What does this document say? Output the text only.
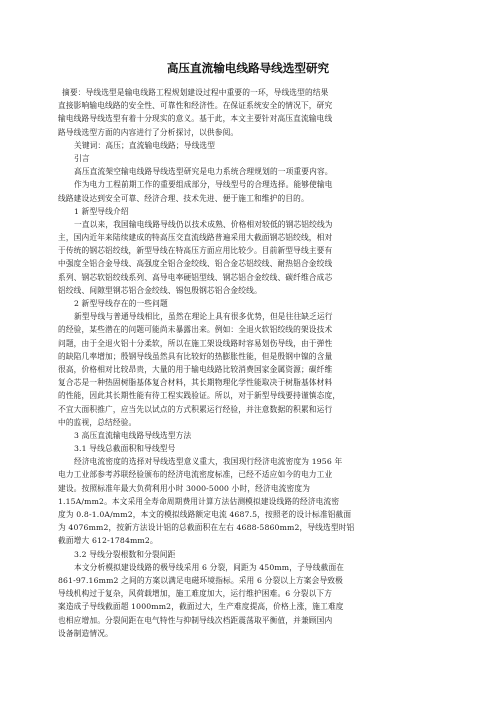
高压直流输电线路导线选型研究
摘要：导线选型是输电线路工程规划建设过程中重要的一环，导线选型的结果
直接影响输电线路的安全性、可靠性和经济性。在保证系统安全的情况下，研究
输电线路导线选型有着十分现实的意义。基于此，本文主要针对高压直流输电线
路导线选型方面的内容进行了分析探讨，以供参阅。
关键词：高压；直流输电线路；导线选型
引言
高压直流架空输电线路导线选型研究是电力系统合理规划的一项重要内容。
作为电力工程前期工作的重要组成部分，导线型号的合理选择。能够使输电
线路建设达到安全可靠、经济合理、技术先进、便于施工和维护的目的。
1 新型导线介绍
一直以来，我国输电线路导线仍以技术成熟、价格相对较低的钢芯铝绞线为
主，国内近年来陆续建成的特高压交直流线路普遍采用大截面钢芯铝绞线，相对
于传统的钢芯铝绞线，新型导线在特高压方面应用比较少。目前新型导线主要有
中强度全铝合金导线、高强度全铝合金绞线、铝合金芯铝绞线、耐热铝合金绞线
系列、钢芯软铝绞线系列、高导电率硬铝型线、钢芯铝合金绞线、碳纤维合成芯
铝绞线、间隙型钢芯铝合金绞线、锡包殷钢芯铝合金绞线。
2 新型导线存在的一些问题
新型导线与普通导线相比，虽然在理论上具有很多优势，但是往往缺乏运行
的经验，某些潜在的问题可能尚未暴露出来。例如：全退火软铝绞线的架设技术
问题，由于全退火铝十分柔软，所以在施工架设线路时容易划伤导线，由于弹性
的缺陷几率增加；殷钢导线虽然具有比较好的热膨胀性能，但是殷钢中镍的含量
很高，价格相对比较昂贵，大量的用于输电线路比较消费国家金属资源；碳纤维
复合芯是一种热固树脂基体复合材料，其长期物理化学性能取决于树脂基体材料
的性能，因此其长期性能有待工程实践验证。所以，对于新型导线要持谨慎态度，
不宜大面积推广，应当先以试点的方式积累运行经验，并注意数据的积累和运行
中的监视，总结经验。
3 高压直流输电线路导线选型方法
3.1 导线总截面积和导线型号
经济电流密度的选择对导线选型意义重大，我国现行经济电流密度为 1956 年
电力工业部参考苏联经验颁布的经济电流密度标准，已经不适应如今的电力工业
建设。按照标准年最大负荷利用小时 3000-5000 小时，经济电流密度为
1.15A/mm2。本文采用全寿命周期费用计算方法估测模拟建设线路的经济电流密
度为 0.8-1.0A/mm2，本文的模拟线路额定电流 4687.5，按照老的设计标准铝截面
为 4076mm2，按新方法设计铝的总截面积在左右 4688-5860mm2，导线选型时铝
截面增大 612-1784mm2。
3.2 导线分裂根数和分裂间距
本文分析模拟建设线路的极导线采用 6 分裂，间距为 450mm，子导线截面在
861-97.16mm2 之间的方案以满足电磁环境指标。采用 6 分裂以上方案会导致极
导线机构过于复杂，风荷载增加，施工难度加大，运行维护困难。6 分裂以下方
案造成子导线截面超 1000mm2，截面过大，生产难度提高，价格上涨，施工难度
也相应增加。分裂间距在电气特性与抑制导线次档距震荡取平衡值，并兼顾国内
设备制造情况。
